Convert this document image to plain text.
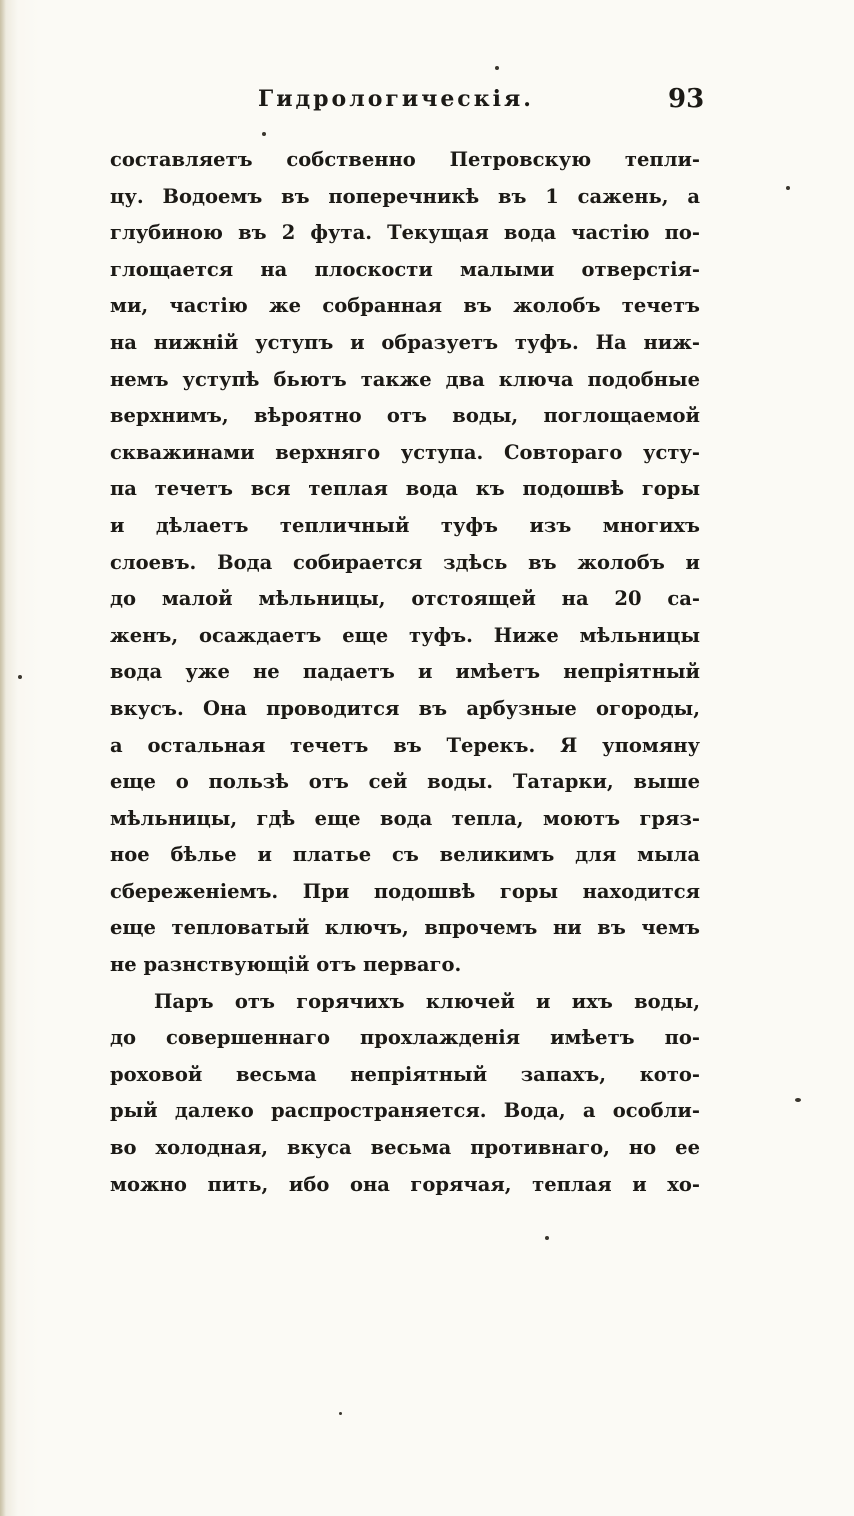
Гидрологическія.	93
составляетъ собственно Петровскую тепли-
цу. Водоемъ въ поперечникѣ въ 1 сажень, а
глубиною въ 2 фута. Текущая вода частію по-
глощается на плоскости малыми отверстія-
ми, частію же собранная въ жолобъ течетъ
на нижній уступъ и образуетъ туфъ. На ниж-
немъ уступѣ бьютъ также два ключа подобные
верхнимъ, вѣроятно отъ воды, поглощаемой
скважинами верхняго уступа. Совтораго усту-
па течетъ вся теплая вода къ подошвѣ горы
и дѣлаетъ тепличный туфъ изъ многихъ
слоевъ. Вода собирается здѣсь въ жолобъ и
до малой мѣльницы, отстоящей на 20 са-
женъ, осаждаетъ еще туфъ. Ниже мѣльницы
вода уже не падаетъ и имѣетъ непріятный
вкусъ. Она проводится въ арбузные огороды,
а остальная течетъ въ Терекъ. Я упомяну
еще о пользѣ отъ сей воды. Татарки, выше
мѣльницы, гдѣ еще вода тепла, моютъ гряз-
ное бѣлье и платье съ великимъ для мыла
сбереженіемъ. При подошвѣ горы находится
еще тепловатый ключъ, впрочемъ ни въ чемъ
не разнствующій отъ перваго.
Паръ отъ горячихъ ключей и ихъ воды,
до совершеннаго прохлажденія имѣетъ по-
роховой весьма непріятный запахъ, кото-
рый далеко распространяется. Вода, а особли-
во холодная, вкуса весьма противнаго, но ее
можно пить, ибо она горячая, теплая и хо-
